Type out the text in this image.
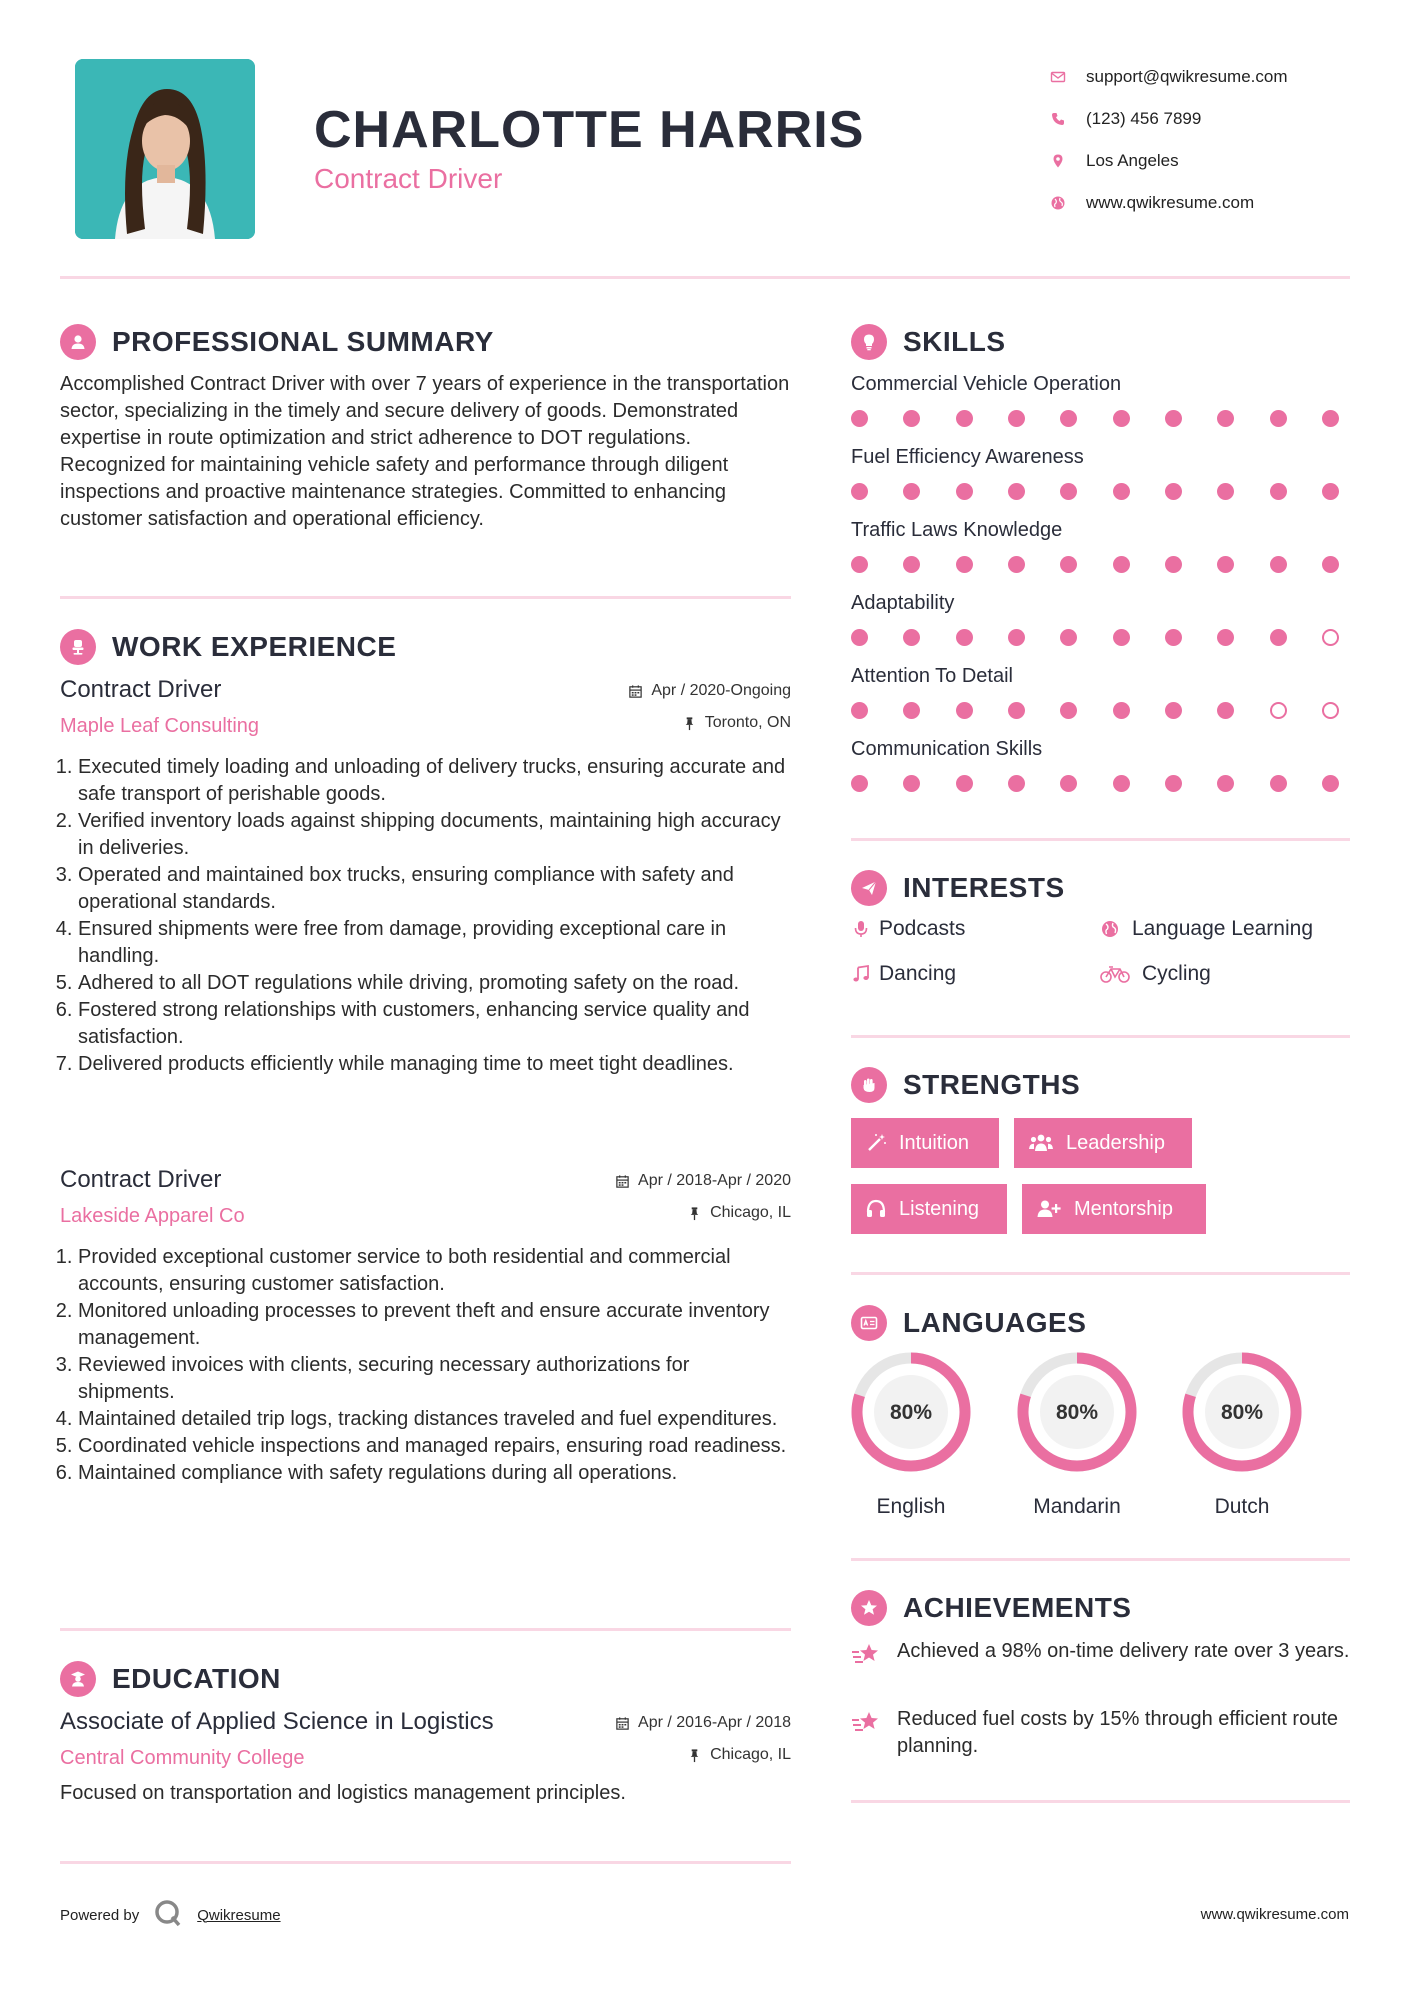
CHARLOTTE HARRIS
Contract Driver
support@qwikresume.com
(123) 456 7899
Los Angeles
www.qwikresume.com
PROFESSIONAL SUMMARY
Accomplished Contract Driver with over 7 years of experience in the transportation sector, specializing in the timely and secure delivery of goods. Demonstrated expertise in route optimization and strict adherence to DOT regulations. Recognized for maintaining vehicle safety and performance through diligent inspections and proactive maintenance strategies. Committed to enhancing customer satisfaction and operational efficiency.
WORK EXPERIENCE
Contract Driver
Maple Leaf Consulting
Apr / 2020-Ongoing
Toronto, ON
1. Executed timely loading and unloading of delivery trucks, ensuring accurate and safe transport of perishable goods.
2. Verified inventory loads against shipping documents, maintaining high accuracy in deliveries.
3. Operated and maintained box trucks, ensuring compliance with safety and operational standards.
4. Ensured shipments were free from damage, providing exceptional care in handling.
5. Adhered to all DOT regulations while driving, promoting safety on the road.
6. Fostered strong relationships with customers, enhancing service quality and satisfaction.
7. Delivered products efficiently while managing time to meet tight deadlines.
Contract Driver
Lakeside Apparel Co
Apr / 2018-Apr / 2020
Chicago, IL
1. Provided exceptional customer service to both residential and commercial accounts, ensuring customer satisfaction.
2. Monitored unloading processes to prevent theft and ensure accurate inventory management.
3. Reviewed invoices with clients, securing necessary authorizations for shipments.
4. Maintained detailed trip logs, tracking distances traveled and fuel expenditures.
5. Coordinated vehicle inspections and managed repairs, ensuring road readiness.
6. Maintained compliance with safety regulations during all operations.
EDUCATION
Associate of Applied Science in Logistics
Central Community College
Apr / 2016-Apr / 2018
Chicago, IL
Focused on transportation and logistics management principles.
SKILLS
Commercial Vehicle Operation
Fuel Efficiency Awareness
Traffic Laws Knowledge
Adaptability
Attention To Detail
Communication Skills
INTERESTS
Podcasts	Language Learning
Dancing	Cycling
STRENGTHS
Intuition	Leadership
Listening	Mentorship
LANGUAGES
80%
English
80%
Mandarin
80%
Dutch
ACHIEVEMENTS
Achieved a 98% on-time delivery rate over 3 years.
Reduced fuel costs by 15% through efficient route planning.
Powered by	Qwikresume	www.qwikresume.com
